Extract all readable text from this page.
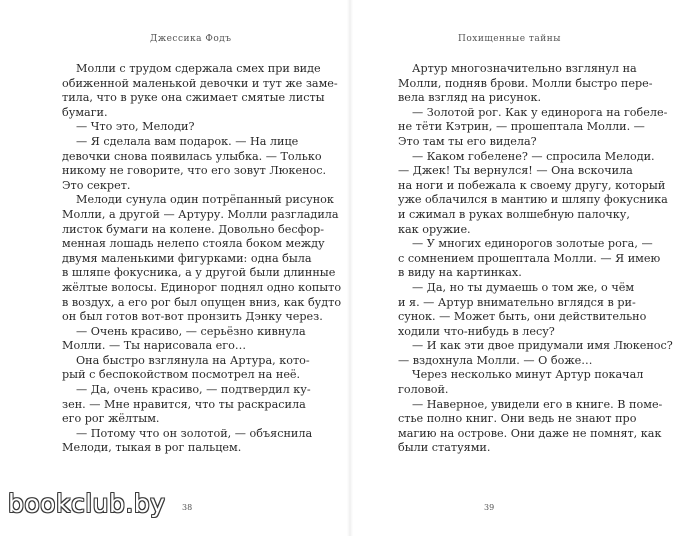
Джессика Фодъ
Молли с трудом сдержала смех при виде
обиженной маленькой девочки и тут же заме-
тила, что в руке она сжимает смятые листы
бумаги.
— Что это, Мелоди?
— Я сделала вам подарок. — На лице
девочки снова появилась улыбка. — Только
никому не говорите, что его зовут Люкенос.
Это секрет.
Мелоди сунула один потрёпанный рисунок
Молли, а другой — Артуру. Молли разгладила
листок бумаги на колене. Довольно бесфор-
менная лошадь нелепо стояла боком между
двумя маленькими фигурками: одна была
в шляпе фокусника, а у другой были длинные
жёлтые волосы. Единорог поднял одно копыто
в воздух, а его рог был опущен вниз, как будто
он был готов вот-вот пронзить Дэнку через.
— Очень красиво, — серьёзно кивнула
Молли. — Ты нарисовала его…
Она быстро взглянула на Артура, кото-
рый с беспокойством посмотрел на неё.
— Да, очень красиво, — подтвердил ку-
зен. — Мне нравится, что ты раскрасила
его рог жёлтым.
— Потому что он золотой, — объяснила
Мелоди, тыкая в рог пальцем.
38
Похищенные тайны
Артур многозначительно взглянул на
Молли, подняв брови. Молли быстро пере-
вела взгляд на рисунок.
— Золотой рог. Как у единорога на гобеле-
не тёти Кэтрин, — прошептала Молли. —
Это там ты его видела?
— Каком гобелене? — спросила Мелоди.
— Джек! Ты вернулся! — Она вскочила
на ноги и побежала к своему другу, который
уже облачился в мантию и шляпу фокусника
и сжимал в руках волшебную палочку,
как оружие.
— У многих единорогов золотые рога, —
с сомнением прошептала Молли. — Я имею
в виду на картинках.
— Да, но ты думаешь о том же, о чём
и я. — Артур внимательно вглядся в ри-
сунок. — Может быть, они действительно
ходили что-нибудь в лесу?
— И как эти двое придумали имя Люкенос?
— вздохнула Молли. — О боже…
Через несколько минут Артур покачал
головой.
— Наверное, увидели его в книге. В поме-
стье полно книг. Они ведь не знают про
магию на острове. Они даже не помнят, как
были статуями.
39
bookclub.by
